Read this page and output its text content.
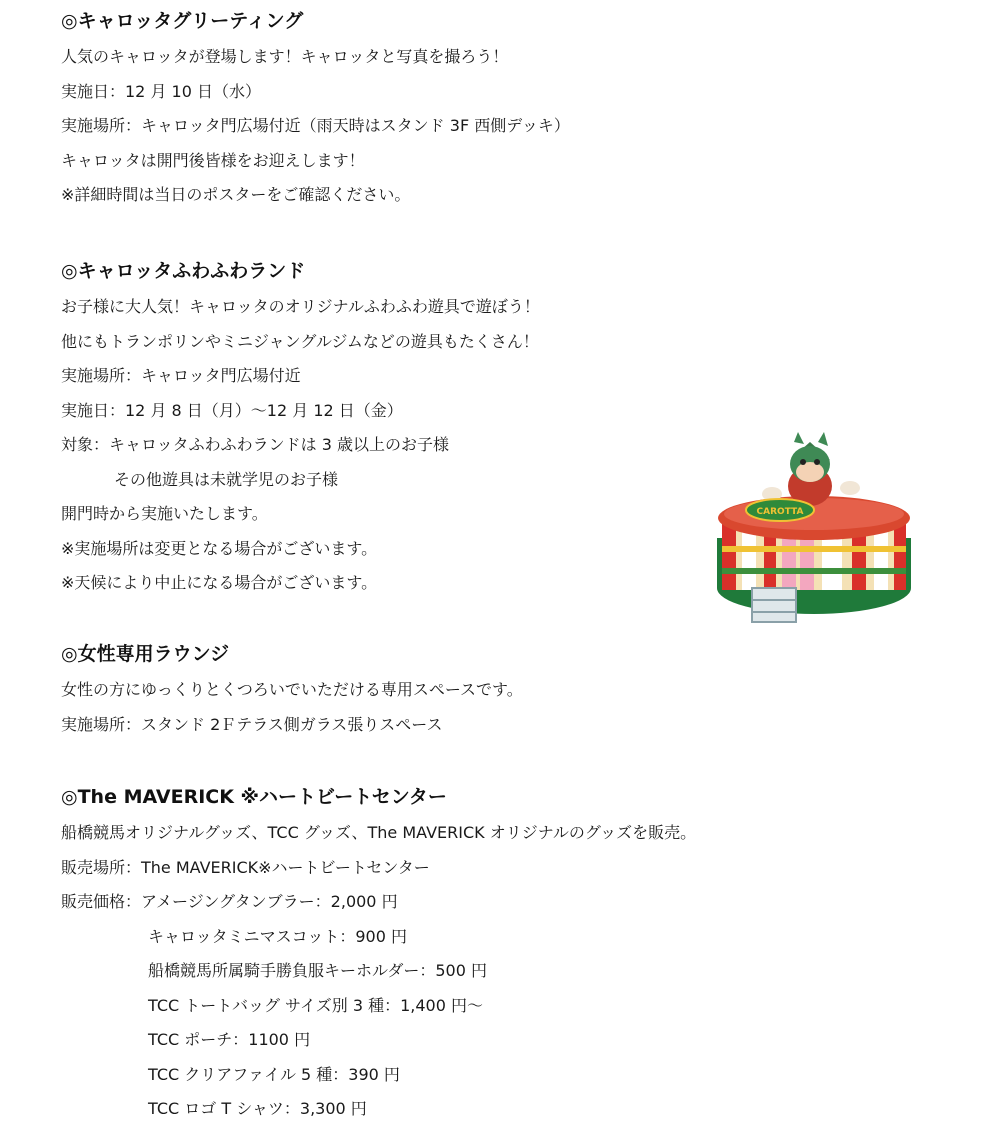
◎キャロッタグリーティング

人気のキャロッタが登場します！キャロッタと写真を撮ろう！

実施日：12 月 10 日（水）

実施場所：キャロッタ門広場付近（雨天時はスタンド 3F 西側デッキ）

キャロッタは開門後皆様をお迎えします！

※詳細時間は当日のポスターをご確認ください。

◎キャロッタふわふわランド

お子様に大人気！キャロッタのオリジナルふわふわ遊具で遊ぼう！

他にもトランポリンやミニジャングルジムなどの遊具もたくさん！

実施場所：キャロッタ門広場付近

実施日：12 月 8 日（月）～12 月 12 日（金）

対象：キャロッタふわふわランドは 3 歳以上のお子様

その他遊具は未就学児のお子様

開門時から実施いたします。

※実施場所は変更となる場合がございます。

※天候により中止になる場合がございます。

CAROTTA
◎女性専用ラウンジ

女性の方にゆっくりとくつろいでいただける専用スペースです。

実施場所：スタンド 2Ｆテラス側ガラス張りスペース

◎The MAVERICK ※ハートビートセンター

船橋競馬オリジナルグッズ、TCC グッズ、The MAVERICK オリジナルのグッズを販売。

販売場所：The MAVERICK※ハートビートセンター

販売価格：アメージングタンブラー：2,000 円

キャロッタミニマスコット：900 円

船橋競馬所属騎手勝負服キーホルダー：500 円

TCC トートバッグ サイズ別 3 種：1,400 円～

TCC ポーチ：1100 円

TCC クリアファイル 5 種：390 円

TCC ロゴ T シャツ：3,300 円
